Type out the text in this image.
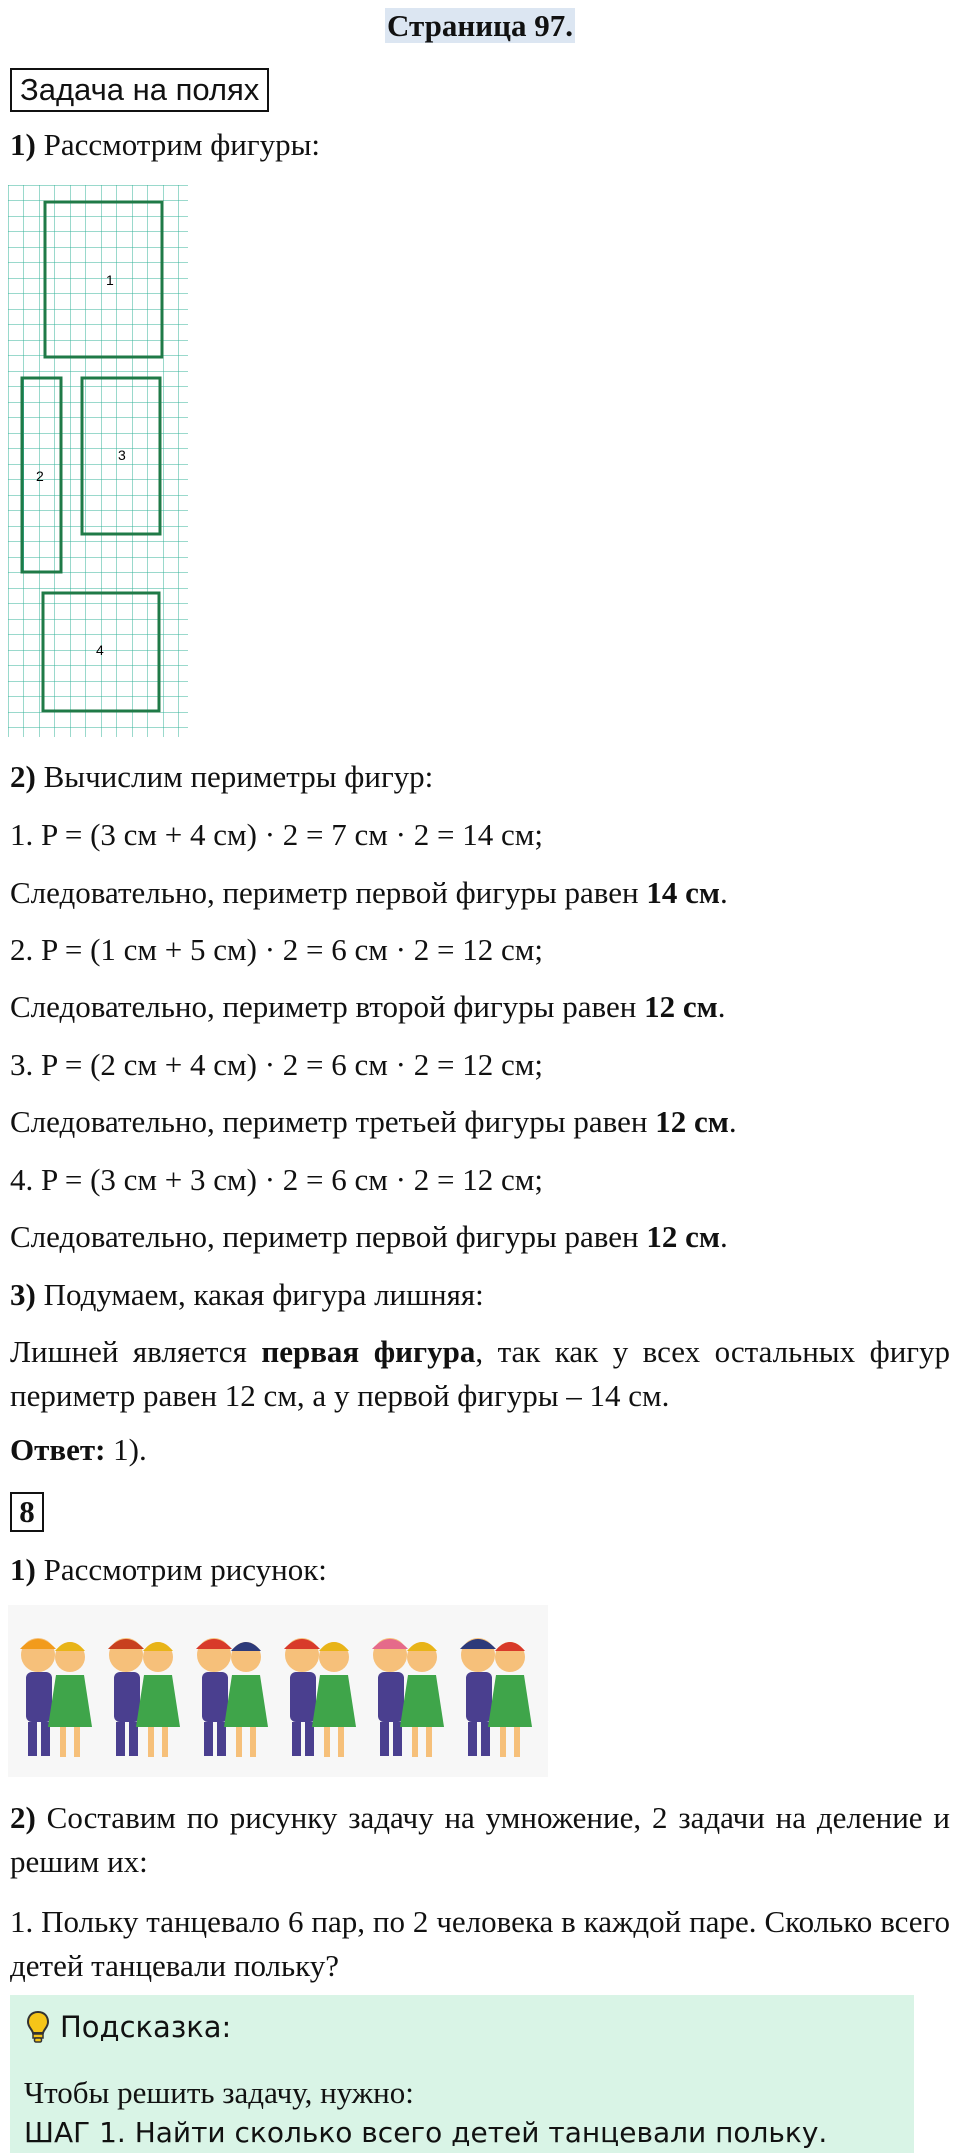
Страница 97.
Задача на полях
1) Рассмотрим фигуры:
1
2
3
4
2) Вычислим периметры фигур:
1. P = (3 см + 4 см) · 2 = 7 см · 2 = 14 см;
Следовательно, периметр первой фигуры равен 14 см.
2. P = (1 см + 5 см) · 2 = 6 см · 2 = 12 см;
Следовательно, периметр второй фигуры равен 12 см.
3. P = (2 см + 4 см) · 2 = 6 см · 2 = 12 см;
Следовательно, периметр третьей фигуры равен 12 см.
4. P = (3 см + 3 см) · 2 = 6 см · 2 = 12 см;
Следовательно, периметр первой фигуры равен 12 см.
3) Подумаем, какая фигура лишняя:
Лишней является первая фигура, так как у всех остальных фигур периметр равен 12 см, а у первой фигуры – 14 см.
Ответ: 1).
8
1) Рассмотрим рисунок:
2) Составим по рисунку задачу на умножение, 2 задачи на деление и решим их:
1. Польку танцевало 6 пар, по 2 человека в каждой паре. Сколько всего детей танцевали польку?
Подсказка:
Чтобы решить задачу, нужно:
ШАГ 1. Найти сколько всего детей танцевали польку.
